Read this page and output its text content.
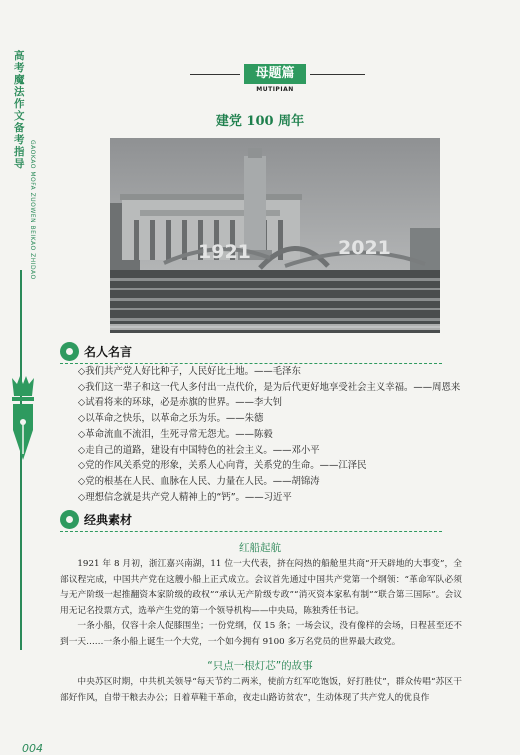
高考魔法作文备考指导 GAOKAO MOFA ZUOWEN BEIKAO ZHIDAO
004
母题篇
MUTIPIAN
建党 100 周年
1921	2021
名人名言
◇我们共产党人好比种子，人民好比土地。——毛泽东
◇我们这一辈子和这一代人多付出一点代价，是为后代更好地享受社会主义幸福。——周恩来
◇试看将来的环球，必是赤旗的世界。——李大钊
◇以革命之快乐，以革命之乐为乐。——朱德
◇革命流血不流泪，生死寻常无怨尤。——陈毅
◇走自己的道路，建设有中国特色的社会主义。——邓小平
◇党的作风关系党的形象，关系人心向背，关系党的生命。——江泽民
◇党的根基在人民、血脉在人民、力量在人民。——胡锦涛
◇理想信念就是共产党人精神上的“钙”。——习近平
经典素材
红船起航

1921 年 8 月初，浙江嘉兴南湖，11 位一大代表，挤在闷热的船舱里共商“开天辟地的大事变”，全部议程完成，中国共产党在这艘小船上正式成立。会议首先通过中国共产党第一个纲领：“革命军队必须与无产阶级一起推翻资本家阶级的政权”“承认无产阶级专政”“消灭资本家私有制”“联合第三国际”。会议用无记名投票方式，选举产生党的第一个领导机构——中央局，陈独秀任书记。

一条小船，仅容十余人促膝围坐；一份党纲，仅 15 条；一场会议，没有像样的会场，日程甚至还不到一天……一条小船上诞生一个大党，一个如今拥有 9100 多万名党员的世界最大政党。

“只点一根灯芯”的故事

中央苏区时期，中共机关领导“每天节约二两米，使前方红军吃饱饭，好打胜仗”，群众传唱“苏区干部好作风，自带干粮去办公；日着草鞋干革命，夜走山路访贫农”，生动体现了共产党人的优良作
